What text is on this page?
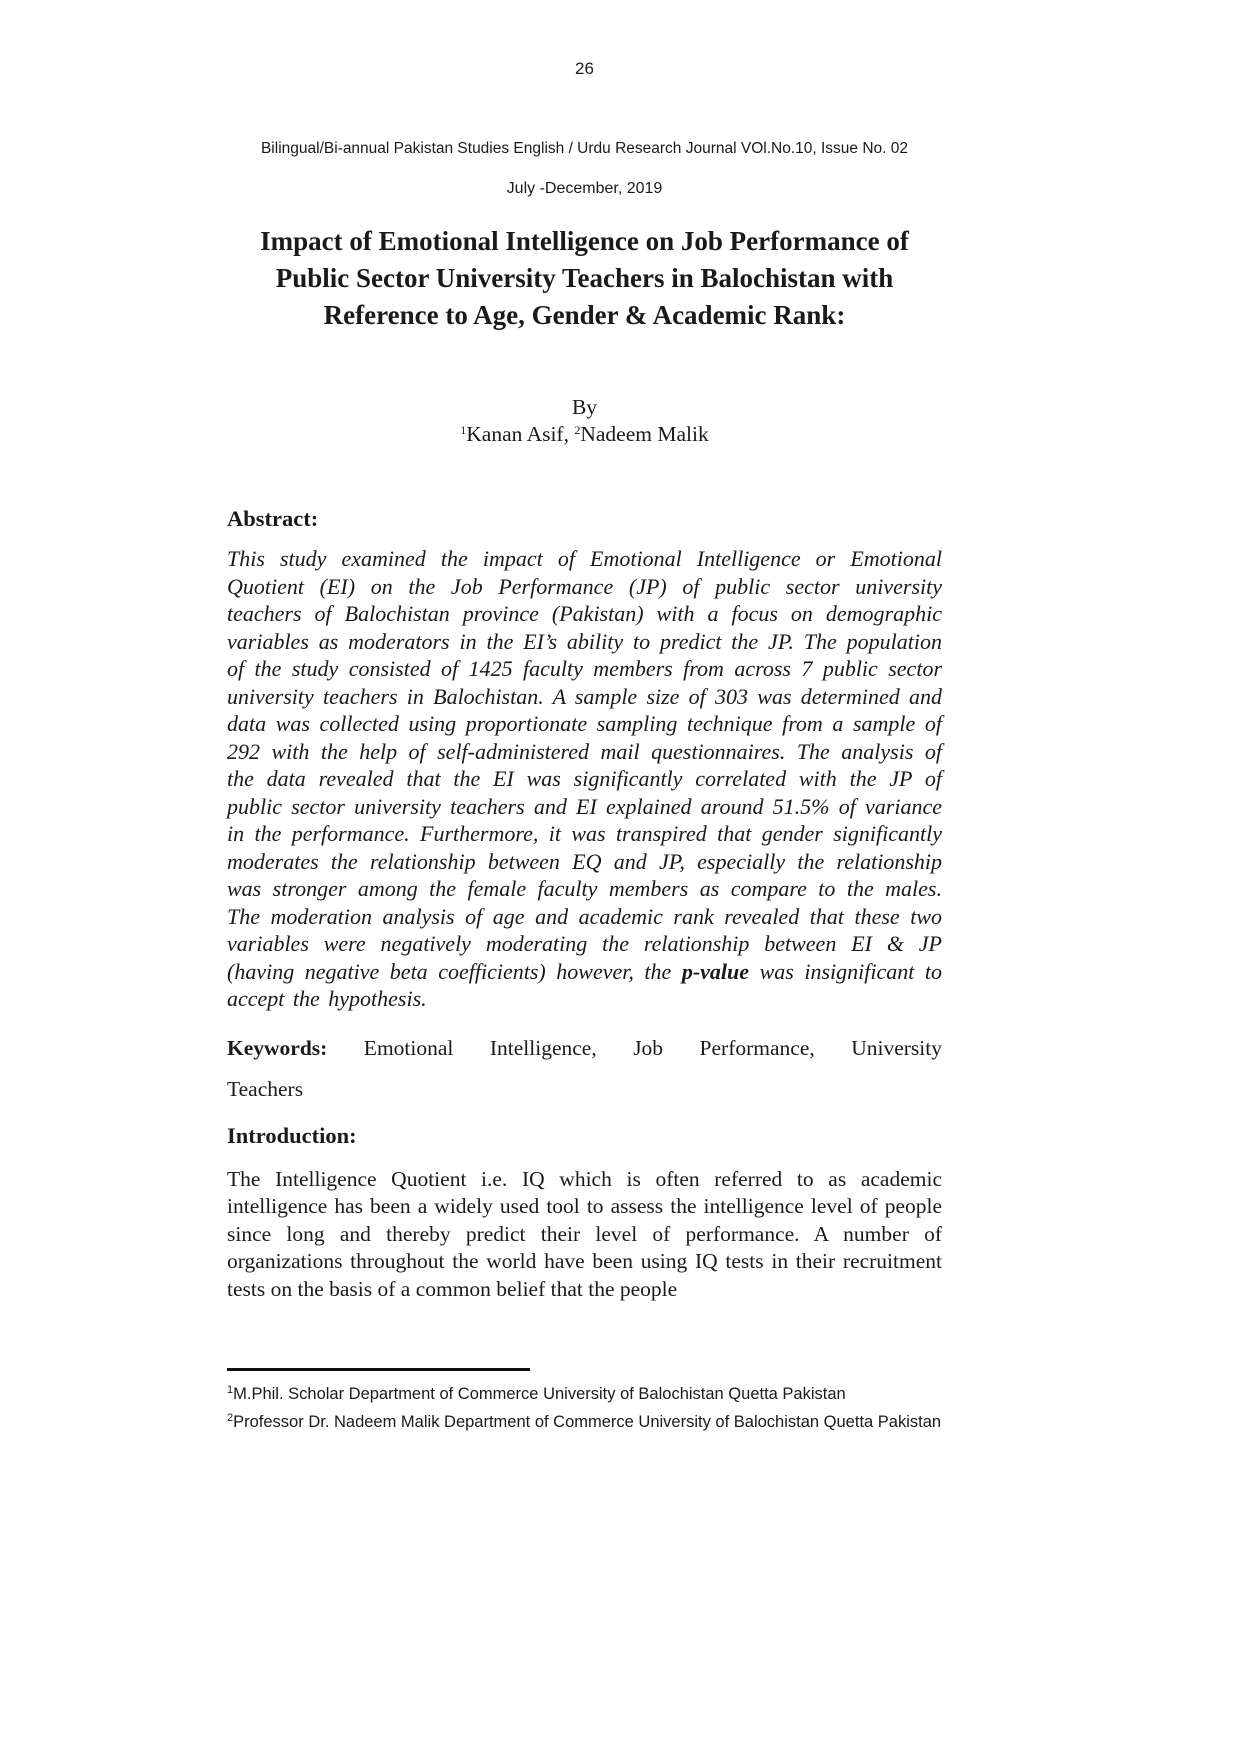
26
Bilingual/Bi-annual Pakistan Studies English / Urdu Research Journal VOl.No.10, Issue No. 02
July -December, 2019
Impact of Emotional Intelligence on Job Performance of
Public Sector University Teachers in Balochistan with
Reference to Age, Gender & Academic Rank:
By
$^1$Kanan Asif, $^2$Nadeem Malik
Abstract:

This study examined the impact of Emotional Intelligence or Emotional Quotient (EI) on the Job Performance (JP) of public sector university teachers of Balochistan province (Pakistan) with a focus on demographic variables as moderators in the EI’s ability to predict the JP. The population of the study consisted of 1425 faculty members from across 7 public sector university teachers in Balochistan. A sample size of 303 was determined and data was collected using proportionate sampling technique from a sample of 292 with the help of self-administered mail questionnaires. The analysis of the data revealed that the EI was significantly correlated with the JP of public sector university teachers and EI explained around 51.5% of variance in the performance. Furthermore, it was transpired that gender significantly moderates the relationship between EQ and JP, especially the relationship was stronger among the female faculty members as compare to the males. The moderation analysis of age and academic rank revealed that these two variables were negatively moderating the relationship between EI & JP (having negative beta coefficients) however, the p-value was insignificant to accept the hypothesis.

Keywords: Emotional Intelligence, Job Performance, University

Teachers

Introduction:

The Intelligence Quotient i.e. IQ which is often referred to as academic intelligence has been a widely used tool to assess the intelligence level of people since long and thereby predict their level of performance. A number of organizations throughout the world have been using IQ tests in their recruitment tests on the basis of a common belief that the people

$^1$M.Phil. Scholar Department of Commerce University of Balochistan Quetta Pakistan

$^2$Professor Dr. Nadeem Malik Department of Commerce University of Balochistan Quetta Pakistan
